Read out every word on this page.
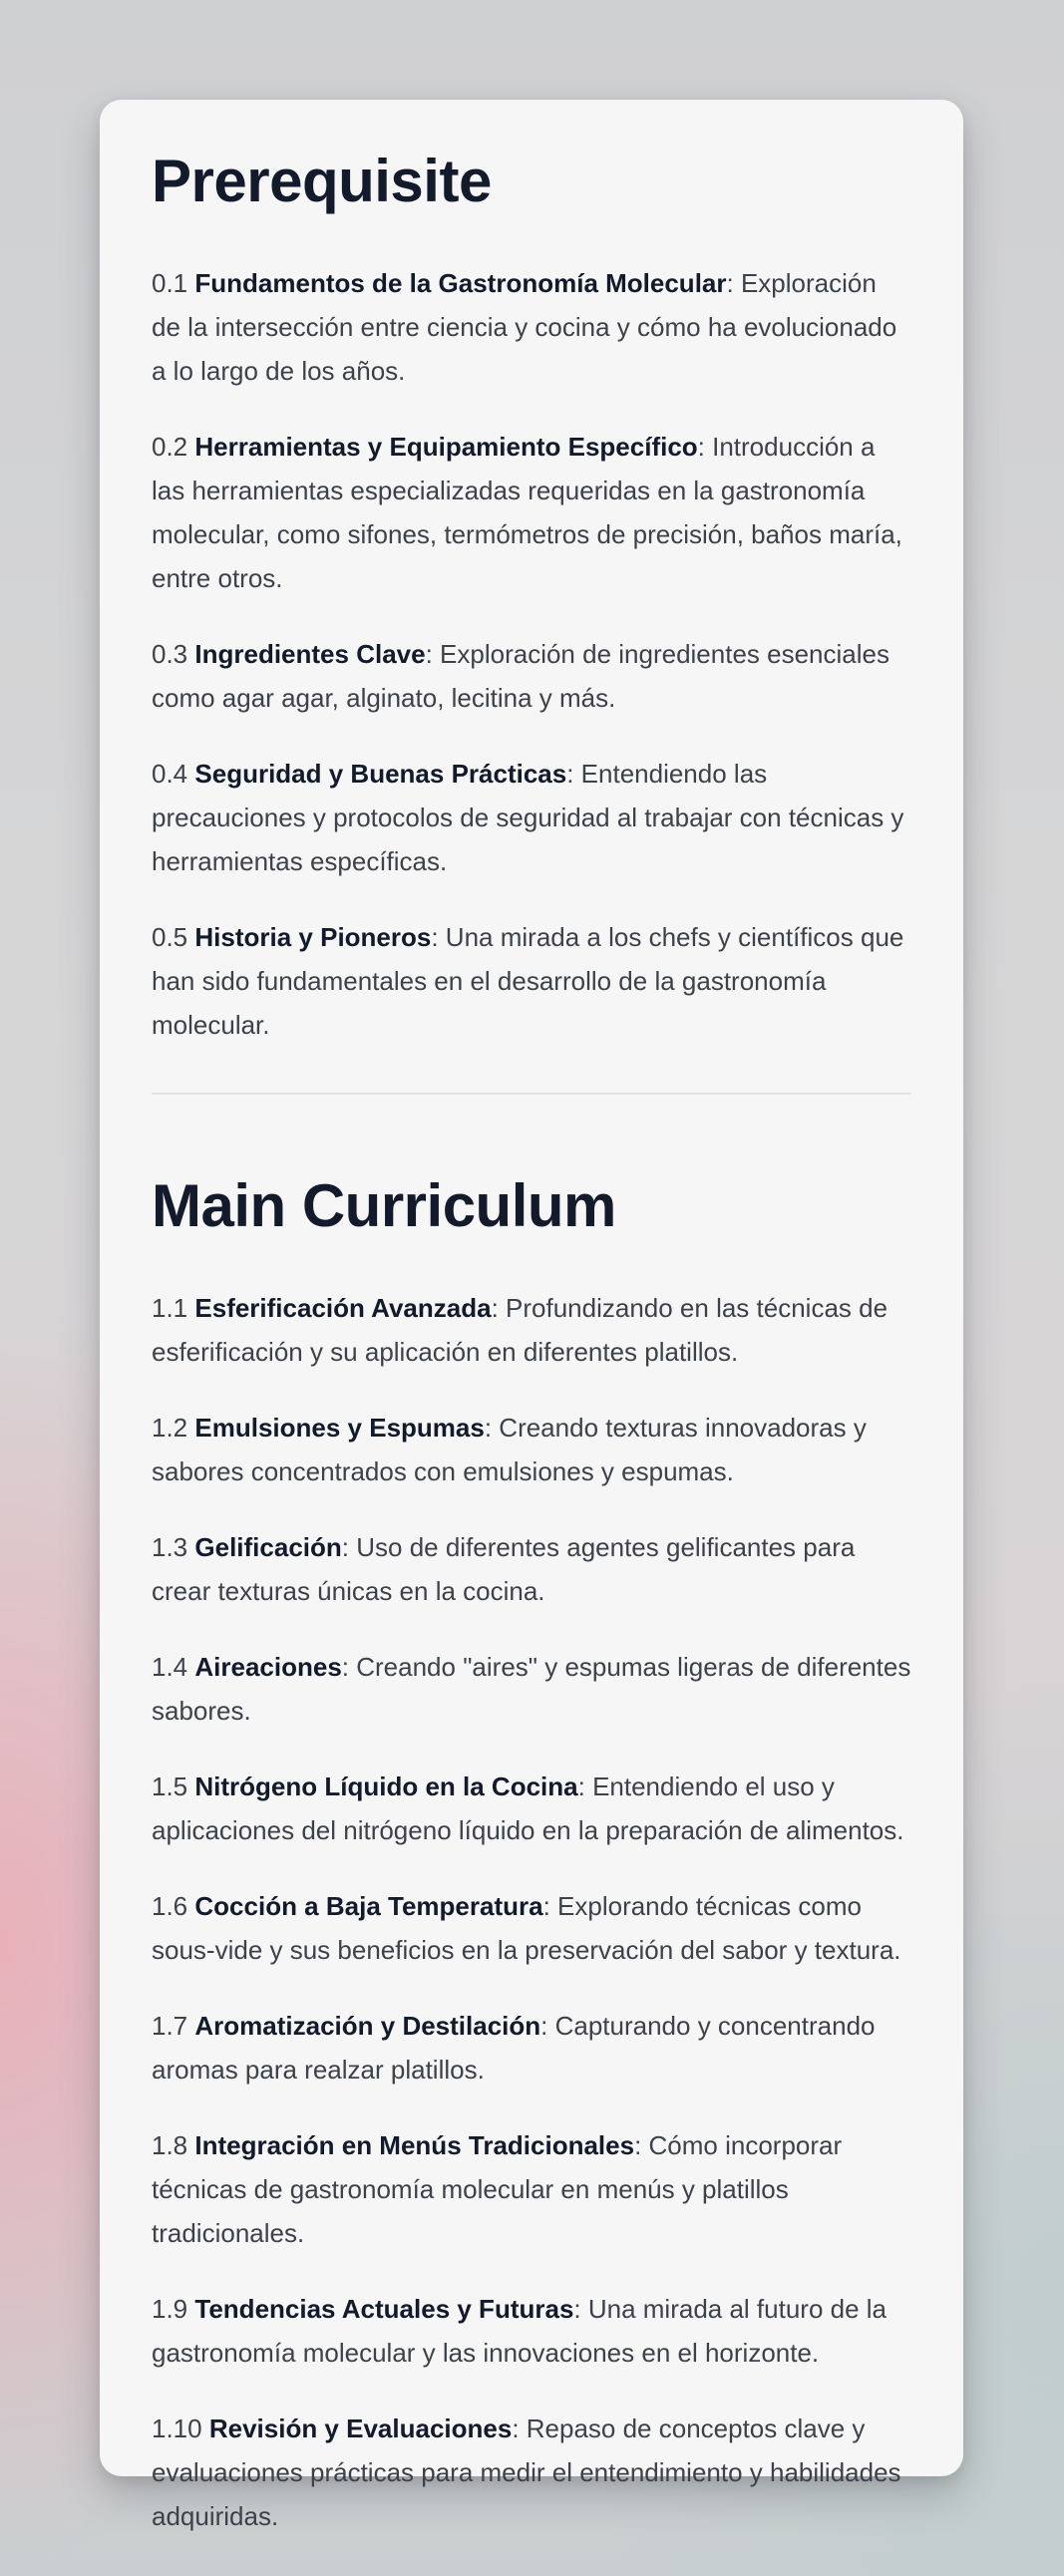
Prerequisite

0.1 Fundamentos de la Gastronomía Molecular: Exploración de la intersección entre ciencia y cocina y cómo ha evolucionado a lo largo de los años.

0.2 Herramientas y Equipamiento Específico: Introducción a las herramientas especializadas requeridas en la gastronomía molecular, como sifones, termómetros de precisión, baños maría, entre otros.

0.3 Ingredientes Clave: Exploración de ingredientes esenciales como agar agar, alginato, lecitina y más.

0.4 Seguridad y Buenas Prácticas: Entendiendo las precauciones y protocolos de seguridad al trabajar con técnicas y herramientas específicas.

0.5 Historia y Pioneros: Una mirada a los chefs y científicos que han sido fundamentales en el desarrollo de la gastronomía molecular.

Main Curriculum

1.1 Esferificación Avanzada: Profundizando en las técnicas de esferificación y su aplicación en diferentes platillos.

1.2 Emulsiones y Espumas: Creando texturas innovadoras y sabores concentrados con emulsiones y espumas.

1.3 Gelificación: Uso de diferentes agentes gelificantes para crear texturas únicas en la cocina.

1.4 Aireaciones: Creando "aires" y espumas ligeras de diferentes sabores.

1.5 Nitrógeno Líquido en la Cocina: Entendiendo el uso y aplicaciones del nitrógeno líquido en la preparación de alimentos.

1.6 Cocción a Baja Temperatura: Explorando técnicas como sous-vide y sus beneficios en la preservación del sabor y textura.

1.7 Aromatización y Destilación: Capturando y concentrando aromas para realzar platillos.

1.8 Integración en Menús Tradicionales: Cómo incorporar técnicas de gastronomía molecular en menús y platillos tradicionales.

1.9 Tendencias Actuales y Futuras: Una mirada al futuro de la gastronomía molecular y las innovaciones en el horizonte.

1.10 Revisión y Evaluaciones: Repaso de conceptos clave y evaluaciones prácticas para medir el entendimiento y habilidades adquiridas.
